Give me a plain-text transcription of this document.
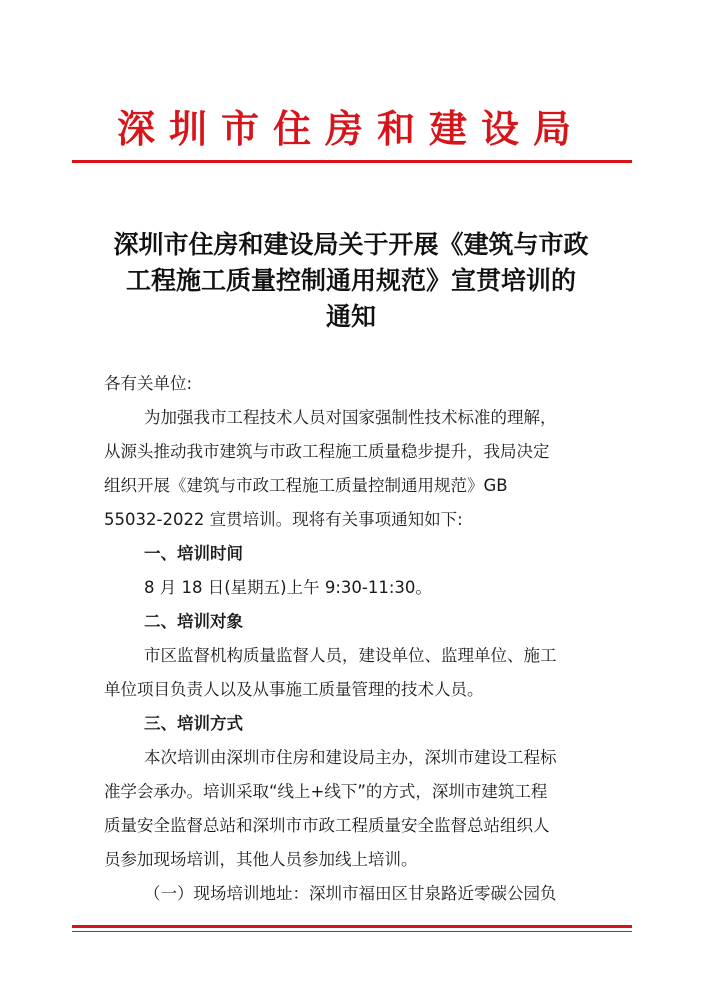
深圳市住房和建设局
深圳市住房和建设局关于开展《建筑与市政
工程施工质量控制通用规范》宣贯培训的
通知
各有关单位:
为加强我市工程技术人员对国家强制性技术标准的理解，
从源头推动我市建筑与市政工程施工质量稳步提升，我局决定
组织开展《建筑与市政工程施工质量控制通用规范》GB
55032-2022 宣贯培训。现将有关事项通知如下:
一、培训时间
8 月 18 日(星期五)上午 9:30-11:30。
二、培训对象
市区监督机构质量监督人员，建设单位、监理单位、施工
单位项目负责人以及从事施工质量管理的技术人员。
三、培训方式
本次培训由深圳市住房和建设局主办，深圳市建设工程标
准学会承办。培训采取“线上+线下”的方式，深圳市建筑工程
质量安全监督总站和深圳市市政工程质量安全监督总站组织人
员参加现场培训，其他人员参加线上培训。
（一）现场培训地址：深圳市福田区甘泉路近零碳公园负
